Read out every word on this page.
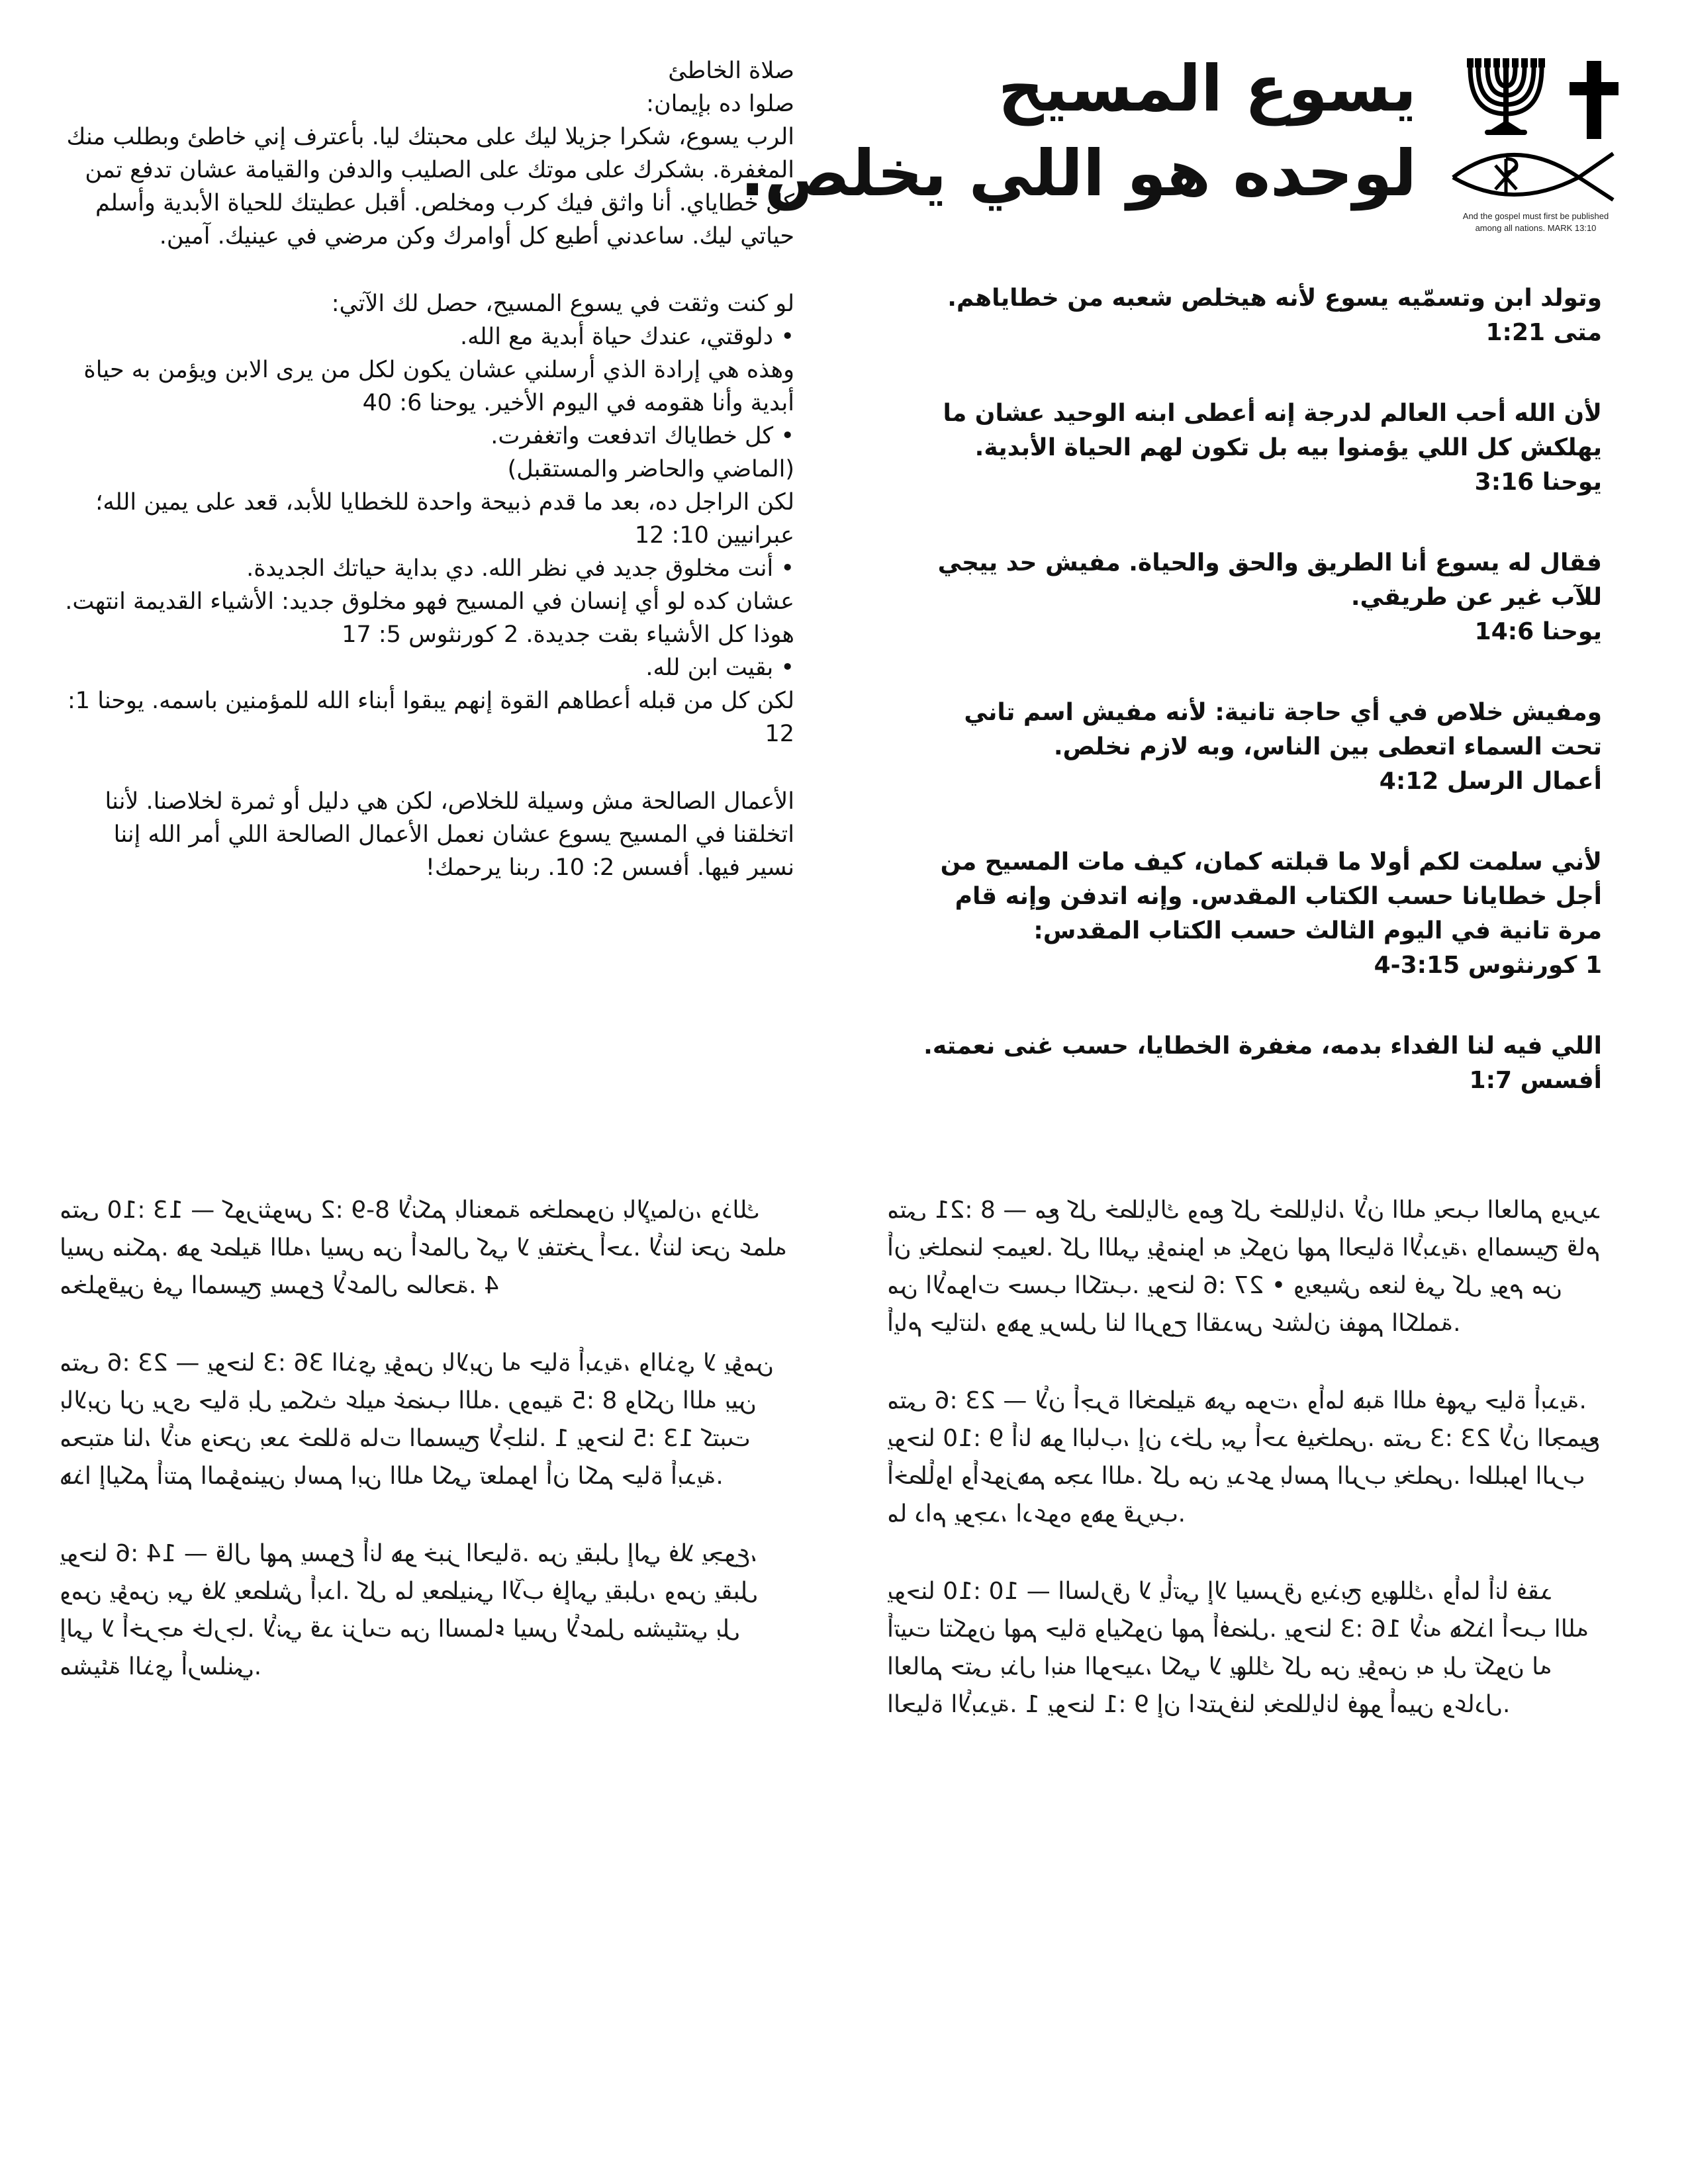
And the gospel must first be published
among all nations. MARK 13:10
يسوع المسيح
لوحده هو اللي يخلص.
وتولد ابن وتسمّيه يسوع لأنه هيخلص شعبه من خطاياهم.
متى 1:21
لأن الله أحب العالم لدرجة إنه أعطى ابنه الوحيد عشان ما يهلكش كل اللي يؤمنوا بيه بل تكون لهم الحياة الأبدية.
يوحنا 3:16
فقال له يسوع أنا الطريق والحق والحياة. مفيش حد ييجي للآب غير عن طريقي.
يوحنا 14:6
ومفيش خلاص في أي حاجة تانية: لأنه مفيش اسم تاني تحت السماء اتعطى بين الناس، وبه لازم نخلص.
أعمال الرسل 4:12
لأني سلمت لكم أولا ما قبلته كمان، كيف مات المسيح من أجل خطايانا حسب الكتاب المقدس. وإنه اتدفن وإنه قام مرة تانية في اليوم الثالث حسب الكتاب المقدس:
1 كورنثوس 3:15-4
اللي فيه لنا الفداء بدمه، مغفرة الخطايا، حسب غنى نعمته.
أفسس 1:7

صلاة الخاطئ

صلوا ده بإيمان:

الرب يسوع، شكرا جزيلا ليك على محبتك ليا. بأعترف إني خاطئ وبطلب منك المغفرة. بشكرك على موتك على الصليب والدفن والقيامة عشان تدفع تمن كل خطاياي. أنا واثق فيك كرب ومخلص. أقبل عطيتك للحياة الأبدية وأسلم حياتي ليك. ساعدني أطيع كل أوامرك وكن مرضي في عينيك. آمين.

لو كنت وثقت في يسوع المسيح، حصل لك الآتي:

• دلوقتي، عندك حياة أبدية مع الله.

وهذه هي إرادة الذي أرسلني عشان يكون لكل من يرى الابن ويؤمن به حياة أبدية وأنا هقومه في اليوم الأخير. يوحنا 6: 40

• كل خطاياك اتدفعت واتغفرت.

(الماضي والحاضر والمستقبل)

لكن الراجل ده، بعد ما قدم ذبيحة واحدة للخطايا للأبد، قعد على يمين الله؛ عبرانيين 10: 12

• أنت مخلوق جديد في نظر الله. دي بداية حياتك الجديدة.

عشان كده لو أي إنسان في المسيح فهو مخلوق جديد: الأشياء القديمة انتهت. هوذا كل الأشياء بقت جديدة. 2 كورنثوس 5: 17

• بقيت ابن لله.

لكن كل من قبله أعطاهم القوة إنهم يبقوا أبناء الله للمؤمنين باسمه. يوحنا 1: 12

الأعمال الصالحة مش وسيلة للخلاص، لكن هي دليل أو ثمرة لخلاصنا. لأننا اتخلقنا في المسيح يسوع عشان نعمل الأعمال الصالحة اللي أمر الله إننا نسير فيها. أفسس 2: 10. ربنا يرحمك!

متى 21: 8 — مع كل خطاياك ومع كل خطايانا، لأن الله يحب العالم ويريد أن يخلصنا جميعا. كل اللي يؤمنوا به يكون لهم الحياة الأبدية، والمسيح قام من الأموات حسب الكتب. يوحنا 6: 27 • ويعيش معنا في كل يوم من أيام حياتنا، وهو يرسل لنا الروح القدس عشان نفهم الكلمة.

متى 6: 23 — لأن أجرة الخطية هي موت، وأما هبة الله فهي حياة أبدية. يوحنا 10: 9 أنا هو الباب، إن دخل بي أحد فيخلص. متى 3: 23 لأن الجميع أخطأوا وأعوزهم مجد الله. كل من يدعو باسم الرب يخلص. اطلبوا الرب ما دام يوجد، ادعوه وهو قريب.

يوحنا 10: 10 — السارق لا يأتي إلا ليسرق ويذبح ويهلك، وأما أنا فقد أتيت لتكون لهم حياة وليكون لهم أفضل. يوحنا 3: 16 لأنه هكذا أحب الله العالم حتى بذل ابنه الوحيد، لكي لا يهلك كل من يؤمن به بل تكون له الحياة الأبدية. 1 يوحنا 1: 9 إن اعترفنا بخطايانا فهو أمين وعادل.

متى 10: 13 — كورنثوس 2: 9-8 لأنكم بالنعمة مخلصون بالإيمان، وذلك ليس منكم. هو عطية الله، ليس من أعمال كي لا يفتخر أحد. لأننا نحن عمله مخلوقين في المسيح يسوع لأعمال صالحة. 4

متى 6: 23 — يوحنا 3: 36 الذي يؤمن بالابن له حياة أبدية، والذي لا يؤمن بالابن لن يرى حياة بل يمكث عليه غضب الله. رومية 5: 8 ولكن الله بين محبته لنا، لأنه ونحن بعد خطاة مات المسيح لأجلنا. 1 يوحنا 5: 13 كتبت هذا إليكم أنتم المؤمنين باسم ابن الله لكي تعلموا أن لكم حياة أبدية.

يوحنا 6: 14 — قال لهم يسوع أنا هو خبز الحياة. من يقبل إلي فلا يجوع، ومن يؤمن بي فلا يعطش أبدا. كل ما يعطيني الآب فإلي يقبل، ومن يقبل إلي لا أخرجه خارجا. لأني قد نزلت من السماء ليس لأعمل مشيئتي بل مشيئة الذي أرسلني.
